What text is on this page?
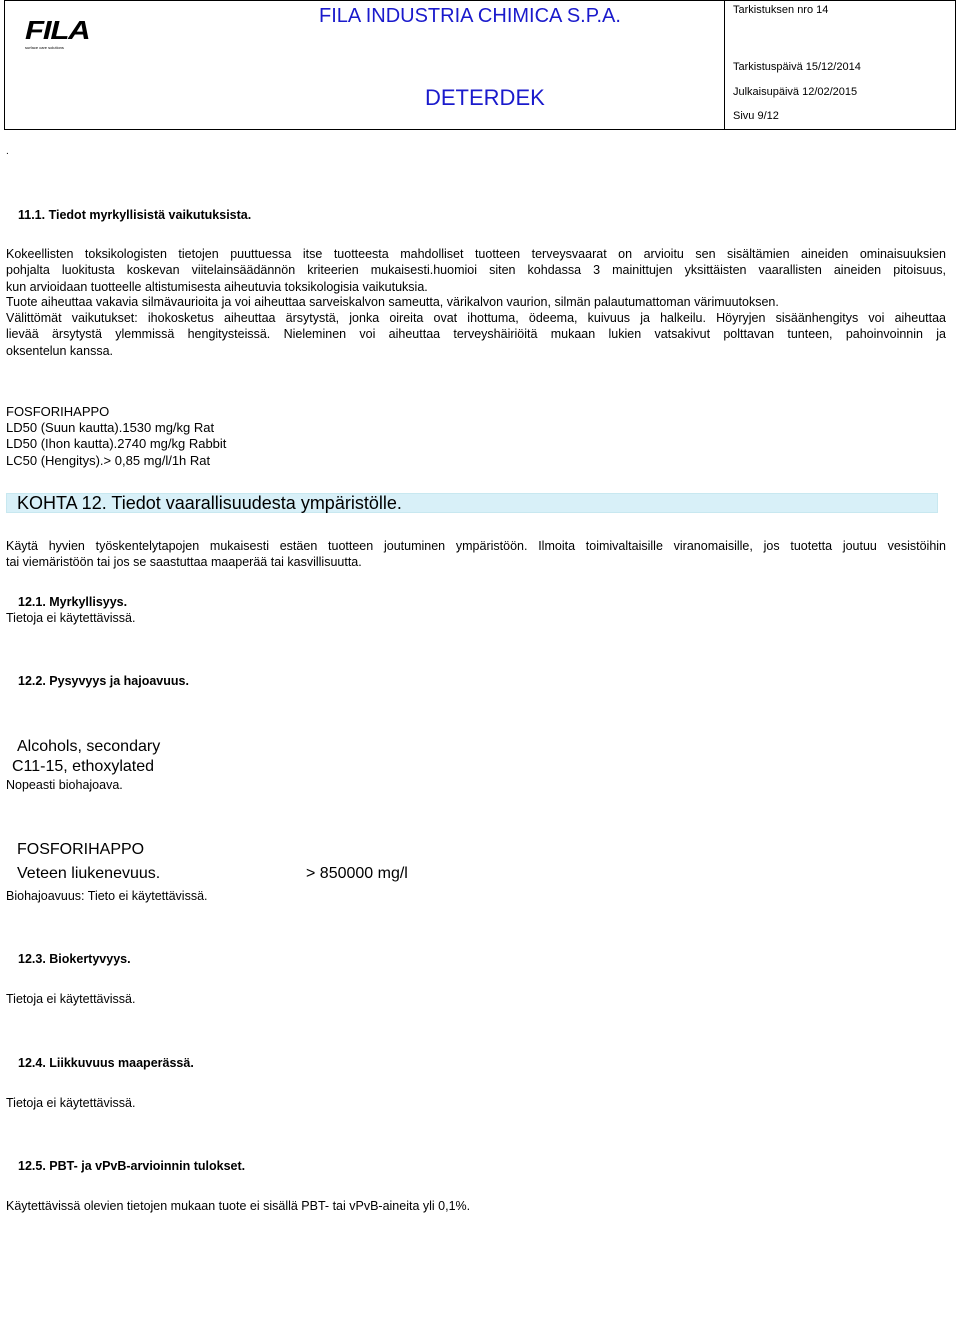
FILA
surface care solutions
FILA INDUSTRIA CHIMICA S.P.A.
DETERDEK
Tarkistuksen nro 14
Tarkistuspäivä 15/12/2014
Julkaisupäivä 12/02/2015
Sivu 9/12
.
11.1. Tiedot myrkyllisistä vaikutuksista.
Kokeellisten toksikologisten tietojen puuttuessa itse tuotteesta mahdolliset tuotteen terveysvaarat on arvioitu sen sisältämien aineiden ominaisuuksien
pohjalta luokitusta koskevan viitelainsäädännön kriteerien mukaisesti.huomioi siten kohdassa 3 mainittujen yksittäisten vaarallisten aineiden pitoisuus,
kun arvioidaan tuotteelle altistumisesta aiheutuvia toksikologisia vaikutuksia.
Tuote aiheuttaa vakavia silmävaurioita ja voi aiheuttaa sarveiskalvon sameutta, värikalvon vaurion, silmän palautumattoman värimuutoksen.
Välittömät vaikutukset: ihokosketus aiheuttaa ärsytystä, jonka oireita ovat ihottuma, ödeema, kuivuus ja halkeilu. Höyryjen sisäänhengitys voi aiheuttaa
lievää ärsytystä ylemmissä hengitysteissä. Nieleminen voi aiheuttaa terveyshäiriöitä mukaan lukien vatsakivut polttavan tunteen, pahoinvoinnin ja
oksentelun kanssa.
FOSFORIHAPPO
LD50 (Suun kautta).1530 mg/kg Rat
LD50 (Ihon kautta).2740 mg/kg Rabbit
LC50 (Hengitys).> 0,85 mg/l/1h Rat
KOHTA 12. Tiedot vaarallisuudesta ympäristölle.
Käytä hyvien työskentelytapojen mukaisesti estäen tuotteen joutuminen ympäristöön. Ilmoita toimivaltaisille viranomaisille, jos tuotetta joutuu vesistöihin
tai viemäristöön tai jos se saastuttaa maaperää tai kasvillisuutta.
12.1. Myrkyllisyys.
Tietoja ei käytettävissä.
12.2. Pysyvyys ja hajoavuus.
Alcohols, secondary
C11-15, ethoxylated
Nopeasti biohajoava.
FOSFORIHAPPO
Veteen liukenevuus.	> 850000 mg/l
Biohajoavuus: Tieto ei käytettävissä.
12.3. Biokertyvyys.
Tietoja ei käytettävissä.
12.4. Liikkuvuus maaperässä.
Tietoja ei käytettävissä.
12.5. PBT- ja vPvB-arvioinnin tulokset.
Käytettävissä olevien tietojen mukaan tuote ei sisällä PBT- tai vPvB-aineita yli 0,1%.
